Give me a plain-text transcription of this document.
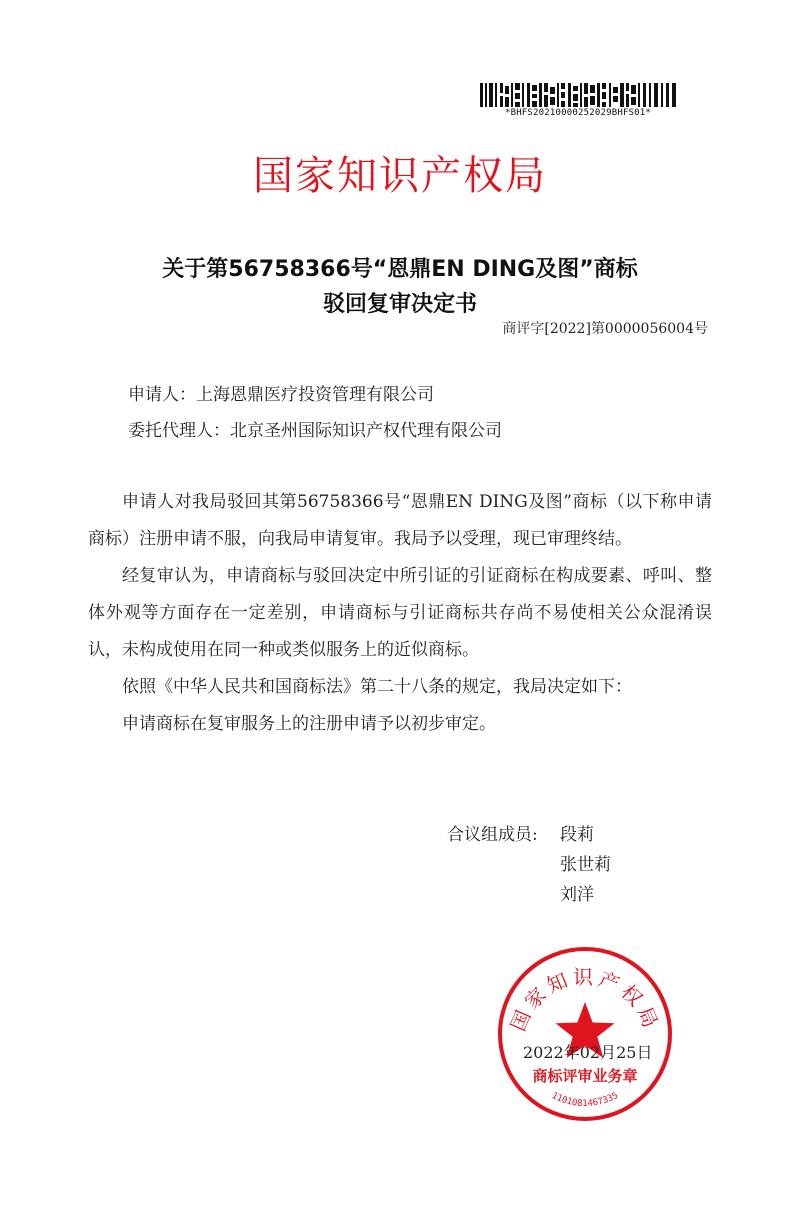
*BHFS20210000252029BHFS01*
国家知识产权局
关于第56758366号“恩鼎EN DING及图”商标
驳回复审决定书
商评字[2022]第0000056004号
申请人：上海恩鼎医疗投资管理有限公司
委托代理人：北京圣州国际知识产权代理有限公司

申请人对我局驳回其第56758366号“恩鼎EN DING及图”商标（以下称申请商标）注册申请不服，向我局申请复审。我局予以受理，现已审理终结。

经复审认为，申请商标与驳回决定中所引证的引证商标在构成要素、呼叫、整体外观等方面存在一定差别，申请商标与引证商标共存尚不易使相关公众混淆误认，未构成使用在同一种或类似服务上的近似商标。

依照《中华人民共和国商标法》第二十八条的规定，我局决定如下：

申请商标在复审服务上的注册申请予以初步审定。

合议组成员: 段莉
张世莉
刘洋
国家知识产权局
商标评审业务章
1101081467335
2022年02月25日
